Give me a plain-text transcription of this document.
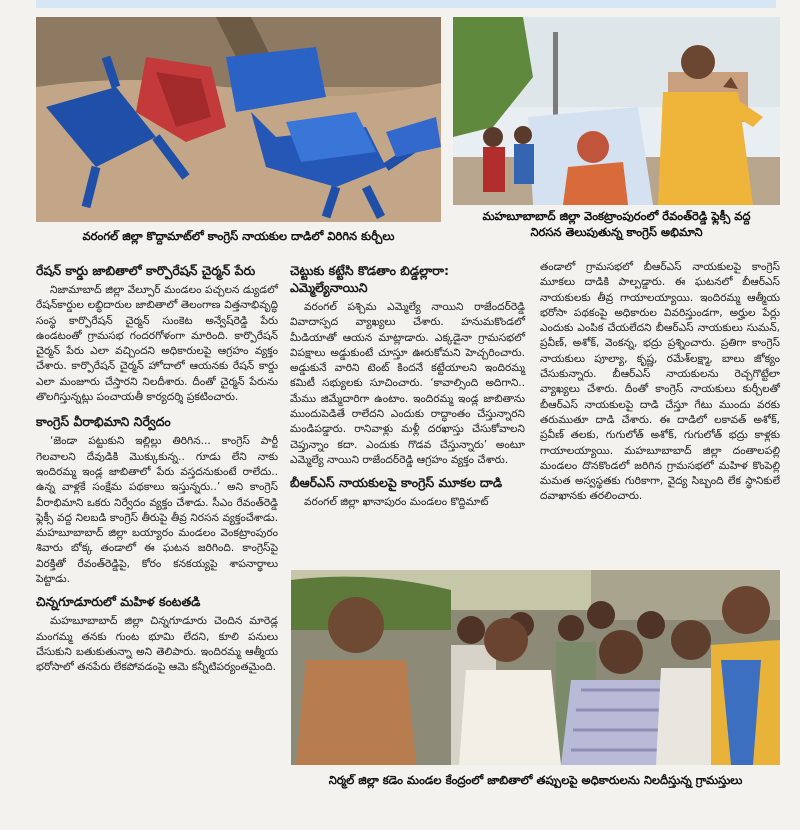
వరంగల్ జిల్లా కొద్దామాట్‌లో కాంగ్రెస్ నాయకుల దాడిలో విరిగిన కుర్చీలు
మహబూబాబాద్ జిల్లా వెంకట్రాంపురంలో రేవంత్‌రెడ్డి ఫ్లెక్సీ వద్ద
నిరసన తెలుపుతున్న కాంగ్రెస్ అభిమాని
రేషన్ కార్డు జాబితాలో కార్పొరేషన్ చైర్మన్ పేరు

నిజామాబాద్ జిల్లా వేల్పూర్ మండలం పచ్చలన డ్యుడలో రేషన్‌కార్డుల లబ్ధిదారుల జాబితాలో తెలంగాణ విత్తనాభివృద్ధి సంస్థ కార్పొరేషన్ చైర్మన్ సుంకెట అన్వేష్‌రెడ్డి పేరు ఉండటంతో గ్రామసభ గందరగోళంగా మారింది. కార్పొరేషన్ చైర్మన్ పేరు ఎలా వచ్చిందని అధికారులపై ఆగ్రహం వ్యక్తం చేశారు. కార్పొరేషన్ చైర్మన్ హోదాలో ఆయనకు రేషన్ కార్డు ఎలా మంజూరు చేస్తారని నిలదీశారు. దీంతో చైర్మన్ పేరును తొలగిస్తున్నట్లు పంచాయతీ కార్యదర్శి ప్రకటించారు.

కాంగ్రెస్ వీరాభిమాని నిర్వేదం

‘జెండా పట్టుకుని ఇల్లిల్లు తిరిగిన... కాంగ్రెస్ పార్టీ గెలవాలని దేవుడికి మొక్కుకున్న.. గూడు లేని నాకు ఇందిరమ్మ ఇండ్ల జాబితాలో పేరు వస్తదనుకుంటే రాలేదు.. ఉన్న వాళ్లకే సంక్షేమ పథకాలు ఇస్తున్నరు..’ అని కాంగ్రెస్ వీరాభిమాని ఒకరు నిర్వేదం వ్యక్తం చేశాడు. సీఎం రేవంత్‌రెడ్డి ఫ్లెక్సీ వద్ద నిలబడి కాంగ్రెస్ తీరుపై తీవ్ర నిరసన వ్యక్తంచేశాడు. మహబూబాబాద్ జిల్లా బయ్యారం మండలం వెంకట్రాంపురం శివారు బోక్క తండాలో ఈ ఘటన జరిగింది. కాంగ్రెస్‌పై విరక్తితో రేవంత్‌రెడ్డిపై, కోరం కనకయ్యపై శాపనార్థాలు పెట్టాడు.

చిన్నగూడూరులో మహిళ కంటతడి

మహబూబాబాద్ జిల్లా చిన్నగూడూరు చెందిన మారెడ్ల మంగమ్మ తనకు గుంట భూమి లేదని, కూలి పనులు చేసుకుని బతుకుతున్నా అని తెలిపారు. ఇందిరమ్మ ఆత్మీయ భరోసాలో తనపేరు లేకపోవడంపై ఆమె కన్నీటిపర్యంతమైంది.

చెట్టుకు కట్టేసి కొడతాం బిడ్డల్లారా: ఎమ్మెల్యేనాయిని

వరంగల్ పశ్చిమ ఎమ్మెల్యే నాయిని రాజేందర్‌రెడ్డి వివాదాస్పద వ్యాఖ్యలు చేశారు. హనుమకొండలో మీడియాతో ఆయన మాట్లాడారు. ఎక్కడైనా గ్రామసభలో విపక్షాలు అడ్డుకుంటే చూస్తూ ఊరుకోమని హెచ్చరించారు. అడ్డుకునే వారిని టెంట్ కిందనే కట్టేయాలని ఇందిరమ్మ కమిటీ సభ్యులకు సూచించారు. ‘కావాల్సింది అదిగాని.. మేము జిమ్మేదారిగా ఉంటాం. ఇందిరమ్మ ఇండ్ల జాబితాను ముందుపెడితే రాలేదని ఎందుకు రాద్ధాంతం చేస్తున్నారని మండిపడ్డారు. రానివాళ్లు మళ్లీ దరఖాస్తు చేసుకోవాలని చెప్తున్నాం కదా. ఎందుకు గొడవ చేస్తున్నారు’ అంటూ ఎమ్మెల్యే నాయిని రాజేందర్‌రెడ్డి ఆగ్రహం వ్యక్తం చేశారు.

బీఆర్‌ఎస్ నాయకులపై కాంగ్రెస్ మూకల దాడి

వరంగల్ జిల్లా ఖానాపురం మండలం కొద్దిమాట్

తండాలో గ్రామసభలో బీఆర్‌ఎస్ నాయకులపై కాంగ్రెస్ మూకలు దాడికి పాల్పడ్డారు. ఈ ఘటనలో బీఆర్‌ఎస్ నాయకులకు తీవ్ర గాయాలయ్యాయి. ఇందిరమ్మ ఆత్మీయ భరోసా పథకంపై అధికారుల వివరిస్తుండగా, అర్హుల పేర్లు ఎందుకు ఎంపిక చేయలేదని బీఆర్‌ఎస్ నాయకులు సుమన్, ప్రవీణ్, అశోక్, వెంకన్న, భద్రు ప్రశ్నించారు. ప్రతిగా కాంగ్రెస్ నాయకులు పూల్యా, కృష్ణ, రమేశ్‌లక్ష్మా, బాలు జోక్యం చేసుకున్నారు. బీఆర్‌ఎస్ నాయకులను రెచ్చగొట్టేలా వ్యాఖ్యలు చేశారు. దీంతో కాంగ్రెస్ నాయకులు కుర్చీలతో బీఆర్‌ఎస్ నాయకులపై దాడి చేస్తూ గేటు ముందు వరకు తరుముతూ దాడి చేశారు. ఈ దాడిలో లకావత్ అశోక్, ప్రవీణ్ తలకు, గుగులోత్ అశోక్, గుగులోత్ భద్రు కాళ్లకు గాయాలయ్యాయి. మహబూబాబాద్ జిల్లా దంతాలపల్లి మండలం దొనకొండలో జరిగిన గ్రామసభలో మహిళ కొంపెల్లి మమత అస్వస్థతకు గురికాగా, వైద్య సిబ్బంది లేక స్థానికులే దవాఖానకు తరలించారు.

నిర్మల్ జిల్లా కడెం మండల కేంద్రంలో జాబితాలో తప్పులపై అధికారులను నిలదీస్తున్న గ్రామస్తులు
